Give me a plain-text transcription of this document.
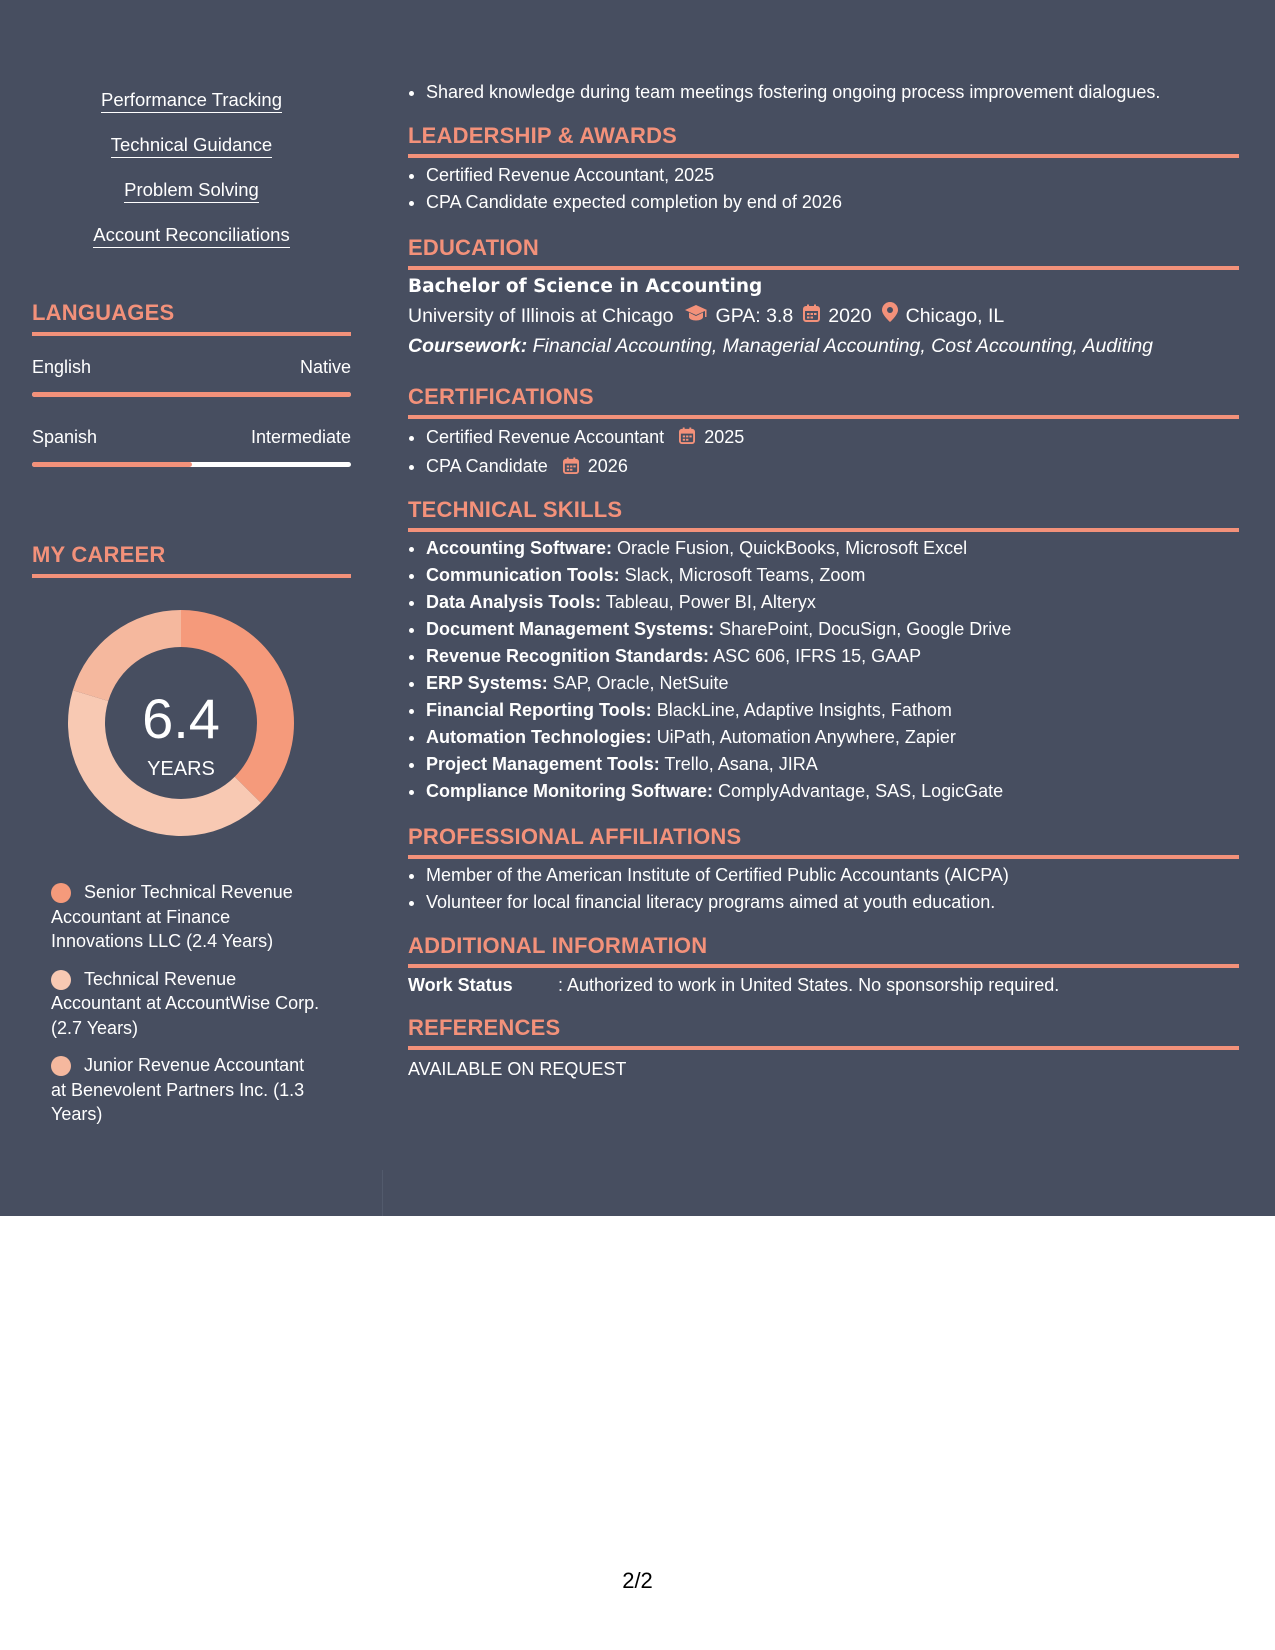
Performance Tracking
Technical Guidance
Problem Solving
Account Reconciliations
LANGUAGES
English	Native
Spanish	Intermediate
MY CAREER
6.4
YEARS
Senior Technical Revenue Accountant at Finance Innovations LLC (2.4 Years)
Technical Revenue Accountant at AccountWise Corp. (2.7 Years)
Junior Revenue Accountant at Benevolent Partners Inc. (1.3 Years)
• Shared knowledge during team meetings fostering ongoing process improvement dialogues.
LEADERSHIP & AWARDS
• Certified Revenue Accountant, 2025
• CPA Candidate expected completion by end of 2026
EDUCATION
Bachelor of Science in Accounting
University of Illinois at Chicago GPA: 3.8 2020 Chicago, IL
Coursework: Financial Accounting, Managerial Accounting, Cost Accounting, Auditing
CERTIFICATIONS
• Certified Revenue Accountant 2025
• CPA Candidate 2026
TECHNICAL SKILLS
• Accounting Software: Oracle Fusion, QuickBooks, Microsoft Excel
• Communication Tools: Slack, Microsoft Teams, Zoom
• Data Analysis Tools: Tableau, Power BI, Alteryx
• Document Management Systems: SharePoint, DocuSign, Google Drive
• Revenue Recognition Standards: ASC 606, IFRS 15, GAAP
• ERP Systems: SAP, Oracle, NetSuite
• Financial Reporting Tools: BlackLine, Adaptive Insights, Fathom
• Automation Technologies: UiPath, Automation Anywhere, Zapier
• Project Management Tools: Trello, Asana, JIRA
• Compliance Monitoring Software: ComplyAdvantage, SAS, LogicGate
PROFESSIONAL AFFILIATIONS
• Member of the American Institute of Certified Public Accountants (AICPA)
• Volunteer for local financial literacy programs aimed at youth education.
ADDITIONAL INFORMATION
Work Status	: Authorized to work in United States. No sponsorship required.
REFERENCES
AVAILABLE ON REQUEST
2/2
